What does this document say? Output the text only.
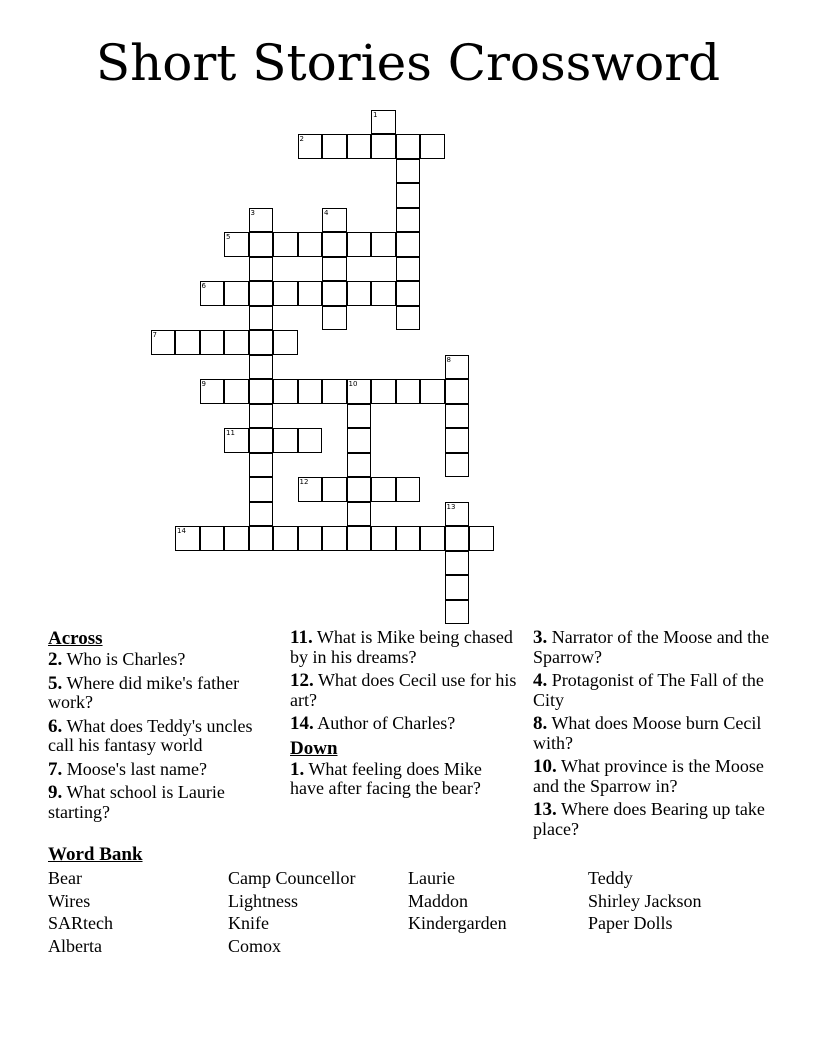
Short Stories Crossword
1
2
3	4
5
6
7
8
9	10
11
12
13
14
Across
2. Who is Charles?
5. Where did mike's father work?
6. What does Teddy's uncles call his fantasy world
7. Moose's last name?
9. What school is Laurie starting?
11. What is Mike being chased by in his dreams?
12. What does Cecil use for his art?
14. Author of Charles?
Down
1. What feeling does Mike have after facing the bear?
3. Narrator of the Moose and the Sparrow?
4. Protagonist of The Fall of the City
8. What does Moose burn Cecil with?
10. What province is the Moose and the Sparrow in?
13. Where does Bearing up take place?
Word Bank
Bear
Wires
SARtech
Alberta
Camp Councellor
Lightness
Knife
Comox
Laurie
Maddon
Kindergarden
Teddy
Shirley Jackson
Paper Dolls
